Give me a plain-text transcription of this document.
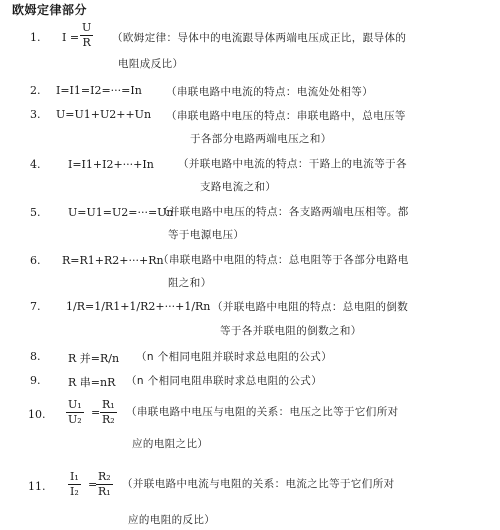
欧姆定律部分
1. $I = \frac{U}{R}$ （欧姆定律：导体中的电流跟导体两端电压成正比，跟导体的
电阻成反比）
2. I=I1=I2=···=In （串联电路中电流的特点：电流处处相等）
3. U=U1+U2++Un （串联电路中电压的特点：串联电路中，总电压等
于各部分电路两端电压之和）
4.	I=I1+I2+···+In （并联电路中电流的特点：干路上的电流等于各
支路电流之和）
5.	U=U1=U2=···=Un
（并联电路中电压的特点：各支路两端电压相等。都
等于电源电压）
6. R=R1+R2+···+Rn
（串联电路中电阻的特点：总电阻等于各部分电路电
阻之和）
7. 1/R=1/R1+1/R2+···+1/Rn （并联电路中电阻的特点：总电阻的倒数
等于各并联电阻的倒数之和）
8.	R 并=R/n （n 个相同电阻并联时求总电阻的公式）
9.	R 串=nR （n 个相同电阻串联时求总电阻的公式）
10. $\frac{\text{U₁}}{\text{U₂}} = \frac{\text{R₁}}{\text{R₂}}$ （串联电路中电压与电阻的关系：电压之比等于它们所对
应的电阻之比）
11. $\frac{\text{I₁}}{\text{I₂}}$ =
$\frac{\text{R₂}}{\text{R₁}}$ （并联电路中电流与电阻的关系：电流之比等于它们所对
应的电阻的反比）
